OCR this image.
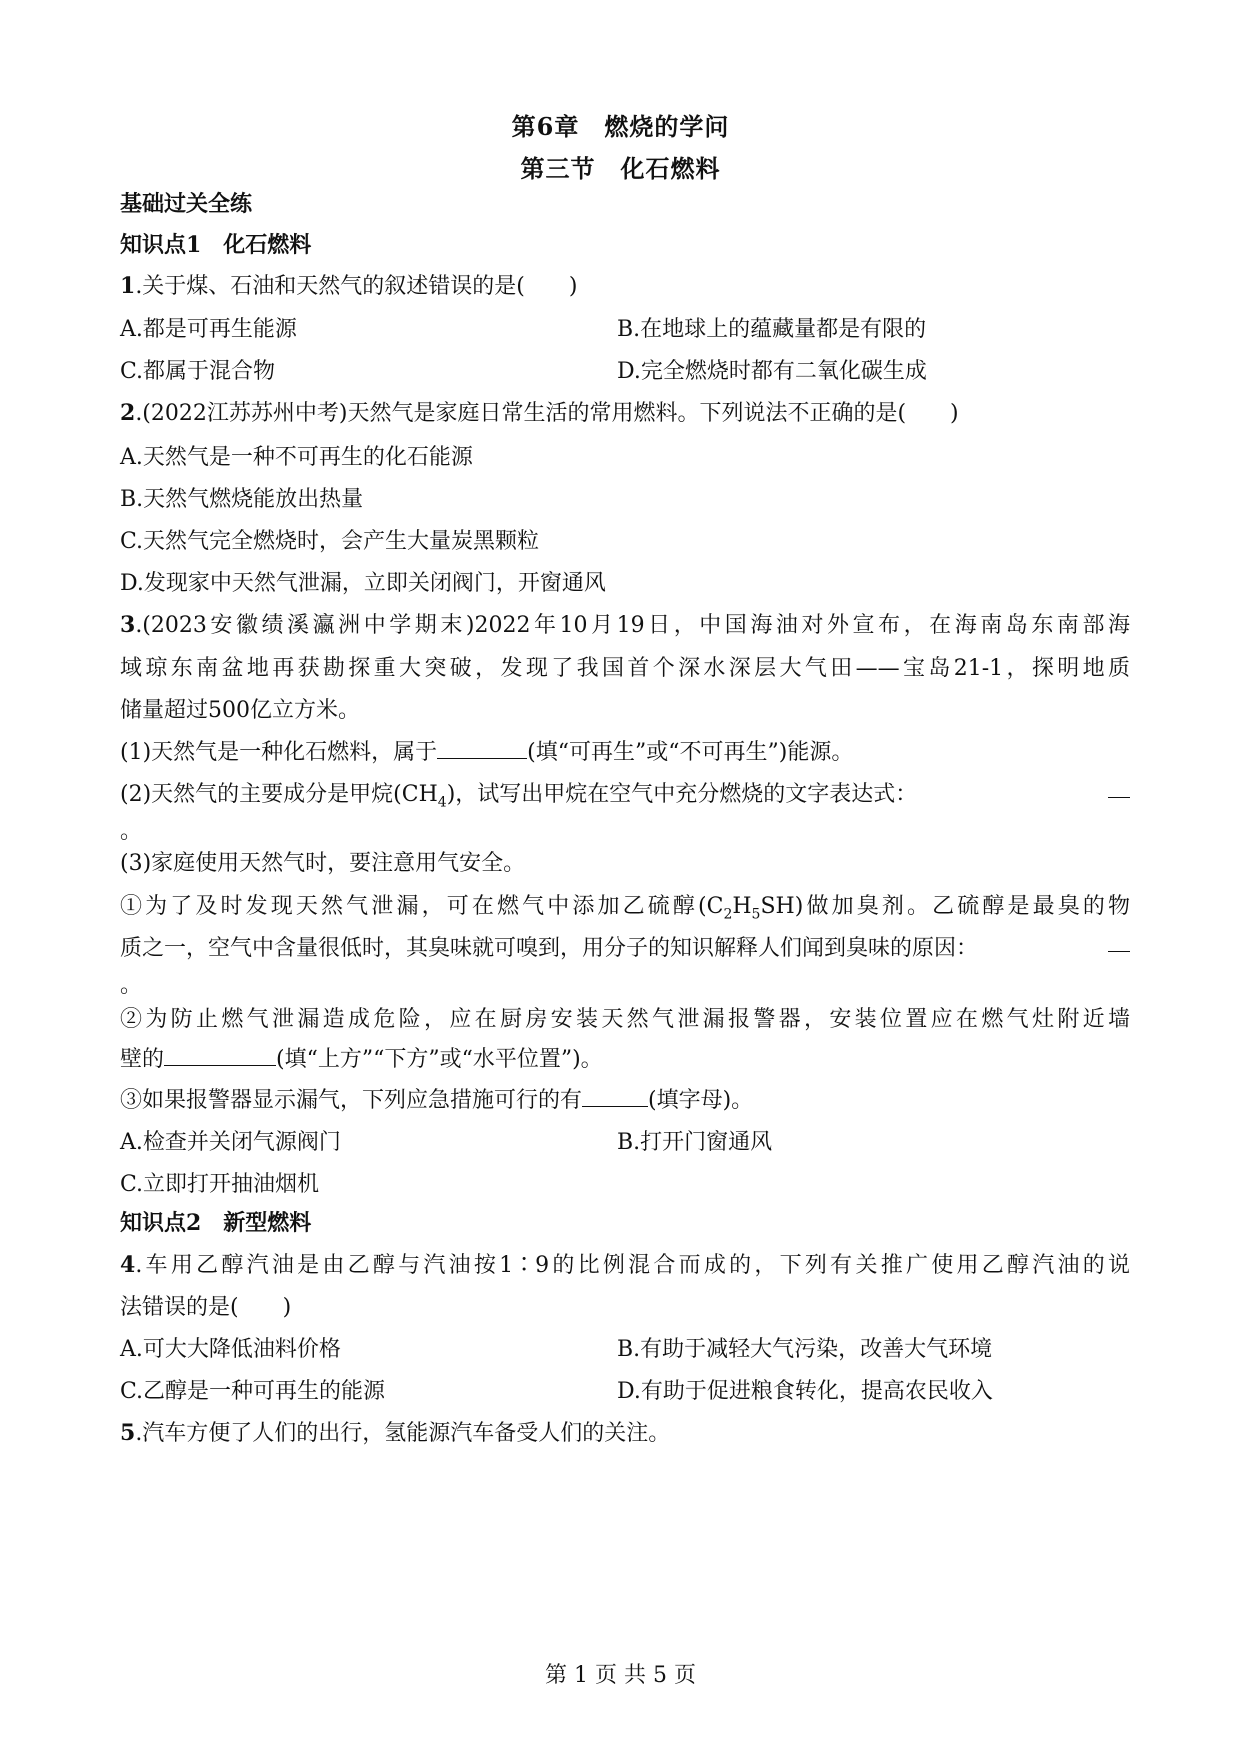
第6章　燃烧的学问
第三节　化石燃料
基础过关全练
知识点1　化石燃料
1.关于煤、石油和天然气的叙述错误的是(　　)
A.都是可再生能源	B.在地球上的蕴藏量都是有限的
C.都属于混合物	D.完全燃烧时都有二氧化碳生成
2.(2022江苏苏州中考)天然气是家庭日常生活的常用燃料。下列说法不正确的是(　　)
A.天然气是一种不可再生的化石能源
B.天然气燃烧能放出热量
C.天然气完全燃烧时，会产生大量炭黑颗粒
D.发现家中天然气泄漏，立即关闭阀门，开窗通风
3.(2023安徽绩溪瀛洲中学期末)2022年10月19日，中国海油对外宣布，在海南岛东南部海
域琼东南盆地再获勘探重大突破，发现了我国首个深水深层大气田——宝岛21-1，探明地质
储量超过500亿立方米。
(1)天然气是一种化石燃料，属于	(填“可再生”或“不可再生”)能源。
(2)天然气的主要成分是甲烷$(CH_4)$，试写出甲烷在空气中充分燃烧的文字表达式：
。
(3)家庭使用天然气时，要注意用气安全。
①为了及时发现天然气泄漏，可在燃气中添加乙硫醇$(C_2H_5SH)$做加臭剂。乙硫醇是最臭的物
质之一，空气中含量很低时，其臭味就可嗅到，用分子的知识解释人们闻到臭味的原因：
。
②为防止燃气泄漏造成危险，应在厨房安装天然气泄漏报警器，安装位置应在燃气灶附近墙
壁的	(填“上方”“下方”或“水平位置”)。
③如果报警器显示漏气，下列应急措施可行的有	(填字母)。
A.检查并关闭气源阀门	B.打开门窗通风
C.立即打开抽油烟机
知识点2　新型燃料
4.车用乙醇汽油是由乙醇与汽油按1∶9的比例混合而成的，下列有关推广使用乙醇汽油的说
法错误的是(　　)
A.可大大降低油料价格	B.有助于减轻大气污染，改善大气环境
C.乙醇是一种可再生的能源	D.有助于促进粮食转化，提高农民收入
5.汽车方便了人们的出行，氢能源汽车备受人们的关注。
第 1 页 共 5 页
